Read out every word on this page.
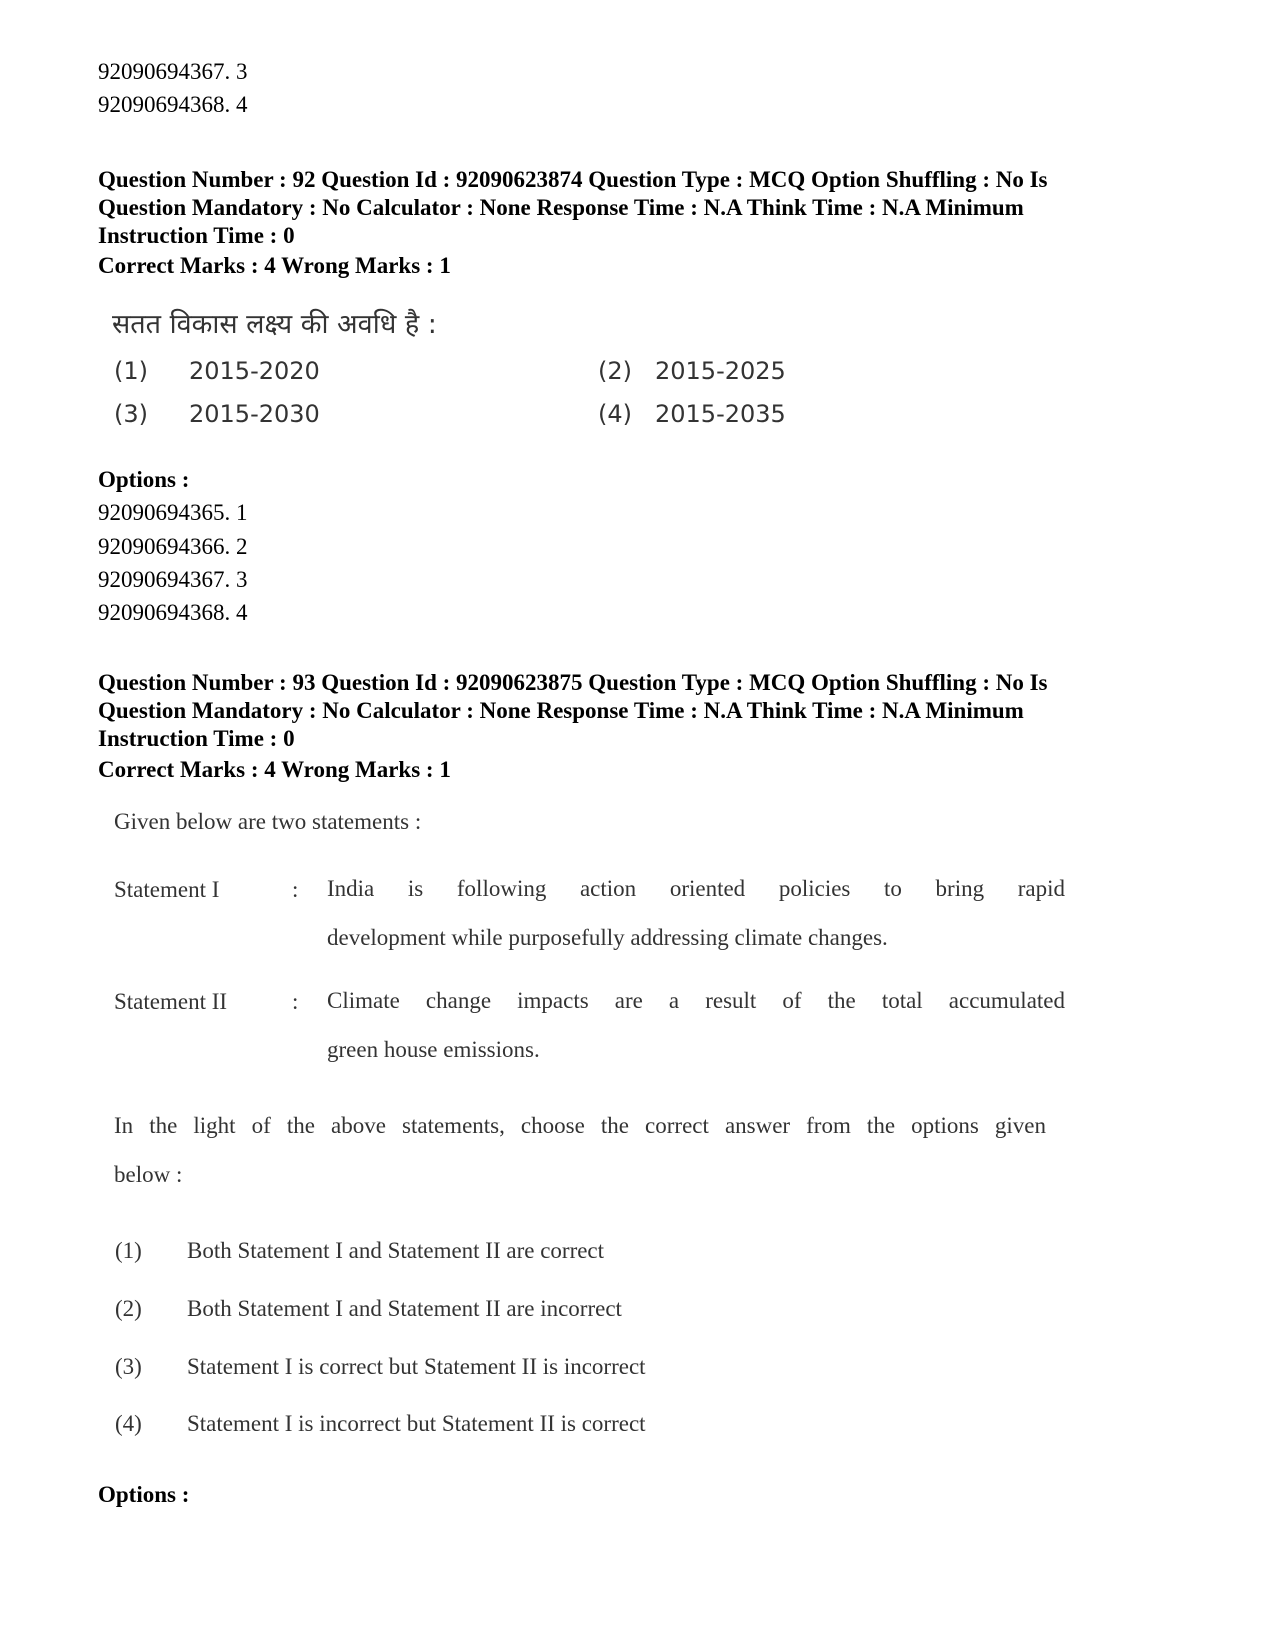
92090694367. 3
92090694368. 4
Question Number : 92 Question Id : 92090623874 Question Type : MCQ Option Shuffling : No Is
Question Mandatory : No Calculator : None Response Time : N.A Think Time : N.A Minimum
Instruction Time : 0
Correct Marks : 4 Wrong Marks : 1
सतत विकास लक्ष्य की अवधि है :
(1) 2015-2020	(2) 2015-2025
(3) 2015-2030	(4) 2015-2035
Options :
92090694365. 1
92090694366. 2
92090694367. 3
92090694368. 4
Question Number : 93 Question Id : 92090623875 Question Type : MCQ Option Shuffling : No Is
Question Mandatory : No Calculator : None Response Time : N.A Think Time : N.A Minimum
Instruction Time : 0
Correct Marks : 4 Wrong Marks : 1
Given below are two statements :
Statement I	: India is following action oriented policies to bring rapid
development while purposefully addressing climate changes.
Statement II	: Climate change impacts are a result of the total accumulated
green house emissions.
In the light of the above statements, choose the correct answer from the options given
below :
(1) Both Statement I and Statement II are correct
(2) Both Statement I and Statement II are incorrect
(3) Statement I is correct but Statement II is incorrect
(4) Statement I is incorrect but Statement II is correct
Options :
